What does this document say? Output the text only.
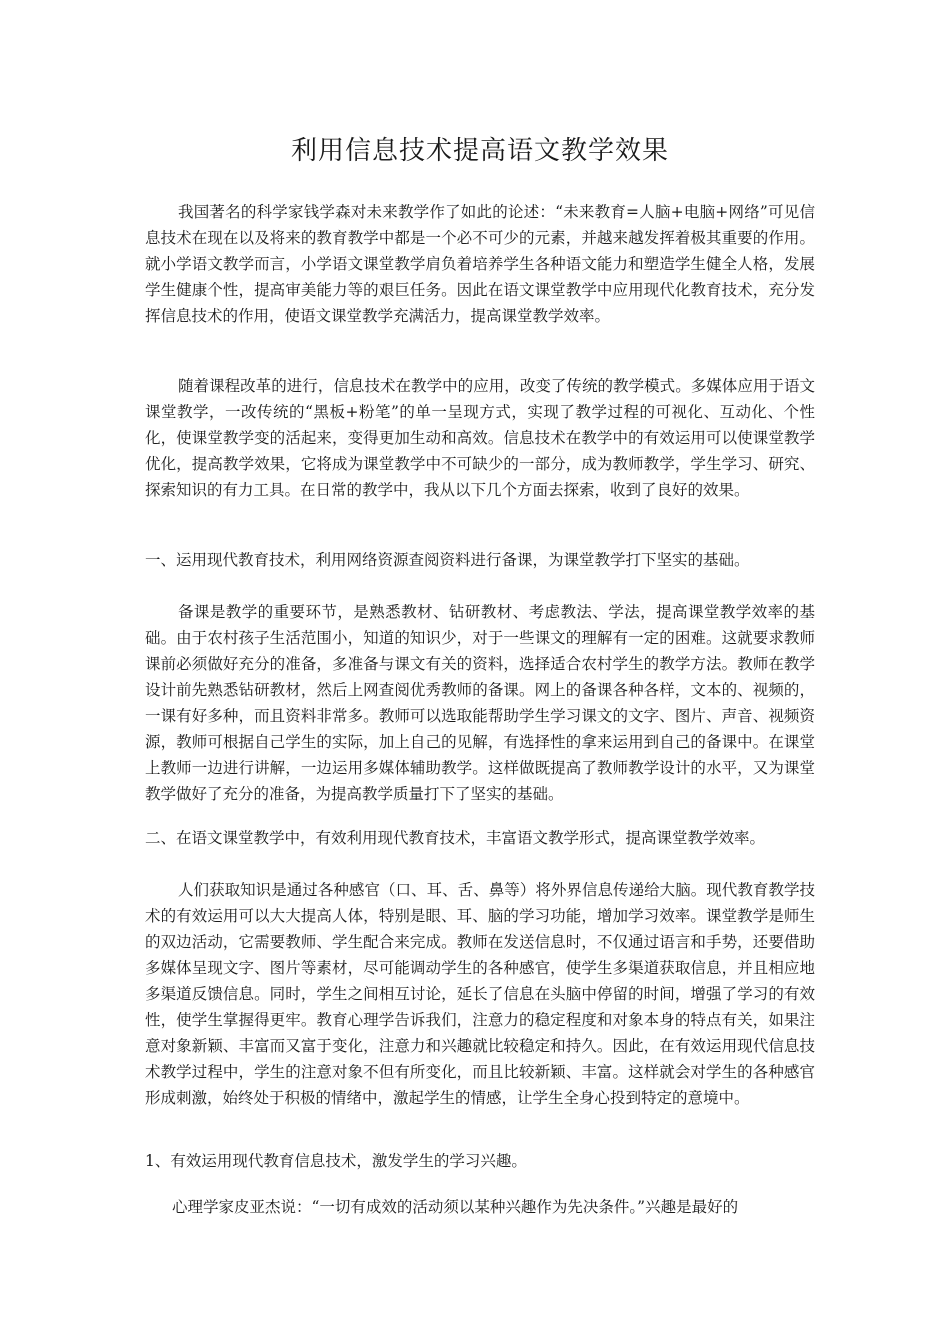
利用信息技术提高语文教学效果

我国著名的科学家钱学森对未来教学作了如此的论述：“未来教育=人脑+电脑+网络”可见信息技术在现在以及将来的教育教学中都是一个必不可少的元素，并越来越发挥着极其重要的作用。就小学语文教学而言，小学语文课堂教学肩负着培养学生各种语文能力和塑造学生健全人格，发展学生健康个性，提高审美能力等的艰巨任务。因此在语文课堂教学中应用现代化教育技术，充分发挥信息技术的作用，使语文课堂教学充满活力，提高课堂教学效率。

随着课程改革的进行，信息技术在教学中的应用，改变了传统的教学模式。多媒体应用于语文课堂教学，一改传统的“黑板+粉笔”的单一呈现方式，实现了教学过程的可视化、互动化、个性化，使课堂教学变的活起来，变得更加生动和高效。信息技术在教学中的有效运用可以使课堂教学优化，提高教学效果，它将成为课堂教学中不可缺少的一部分，成为教师教学，学生学习、研究、探索知识的有力工具。在日常的教学中，我从以下几个方面去探索，收到了良好的效果。

一、运用现代教育技术，利用网络资源查阅资料进行备课，为课堂教学打下坚实的基础。

备课是教学的重要环节，是熟悉教材、钻研教材、考虑教法、学法，提高课堂教学效率的基础。由于农村孩子生活范围小，知道的知识少，对于一些课文的理解有一定的困难。这就要求教师课前必须做好充分的准备，多准备与课文有关的资料，选择适合农村学生的教学方法。教师在教学设计前先熟悉钻研教材，然后上网查阅优秀教师的备课。网上的备课各种各样，文本的、视频的，一课有好多种，而且资料非常多。教师可以选取能帮助学生学习课文的文字、图片、声音、视频资源，教师可根据自己学生的实际，加上自己的见解，有选择性的拿来运用到自己的备课中。在课堂上教师一边进行讲解，一边运用多媒体辅助教学。这样做既提高了教师教学设计的水平，又为课堂教学做好了充分的准备，为提高教学质量打下了坚实的基础。

二、在语文课堂教学中，有效利用现代教育技术，丰富语文教学形式，提高课堂教学效率。

人们获取知识是通过各种感官（口、耳、舌、鼻等）将外界信息传递给大脑。现代教育教学技术的有效运用可以大大提高人体，特别是眼、耳、脑的学习功能，增加学习效率。课堂教学是师生的双边活动，它需要教师、学生配合来完成。教师在发送信息时，不仅通过语言和手势，还要借助多媒体呈现文字、图片等素材，尽可能调动学生的各种感官，使学生多渠道获取信息，并且相应地多渠道反馈信息。同时，学生之间相互讨论，延长了信息在头脑中停留的时间，增强了学习的有效性，使学生掌握得更牢。教育心理学告诉我们，注意力的稳定程度和对象本身的特点有关，如果注意对象新颖、丰富而又富于变化，注意力和兴趣就比较稳定和持久。因此，在有效运用现代信息技术教学过程中，学生的注意对象不但有所变化，而且比较新颖、丰富。这样就会对学生的各种感官形成刺激，始终处于积极的情绪中，激起学生的情感，让学生全身心投到特定的意境中。

1、有效运用现代教育信息技术，激发学生的学习兴趣。

心理学家皮亚杰说：“一切有成效的活动须以某种兴趣作为先决条件。”兴趣是最好的
